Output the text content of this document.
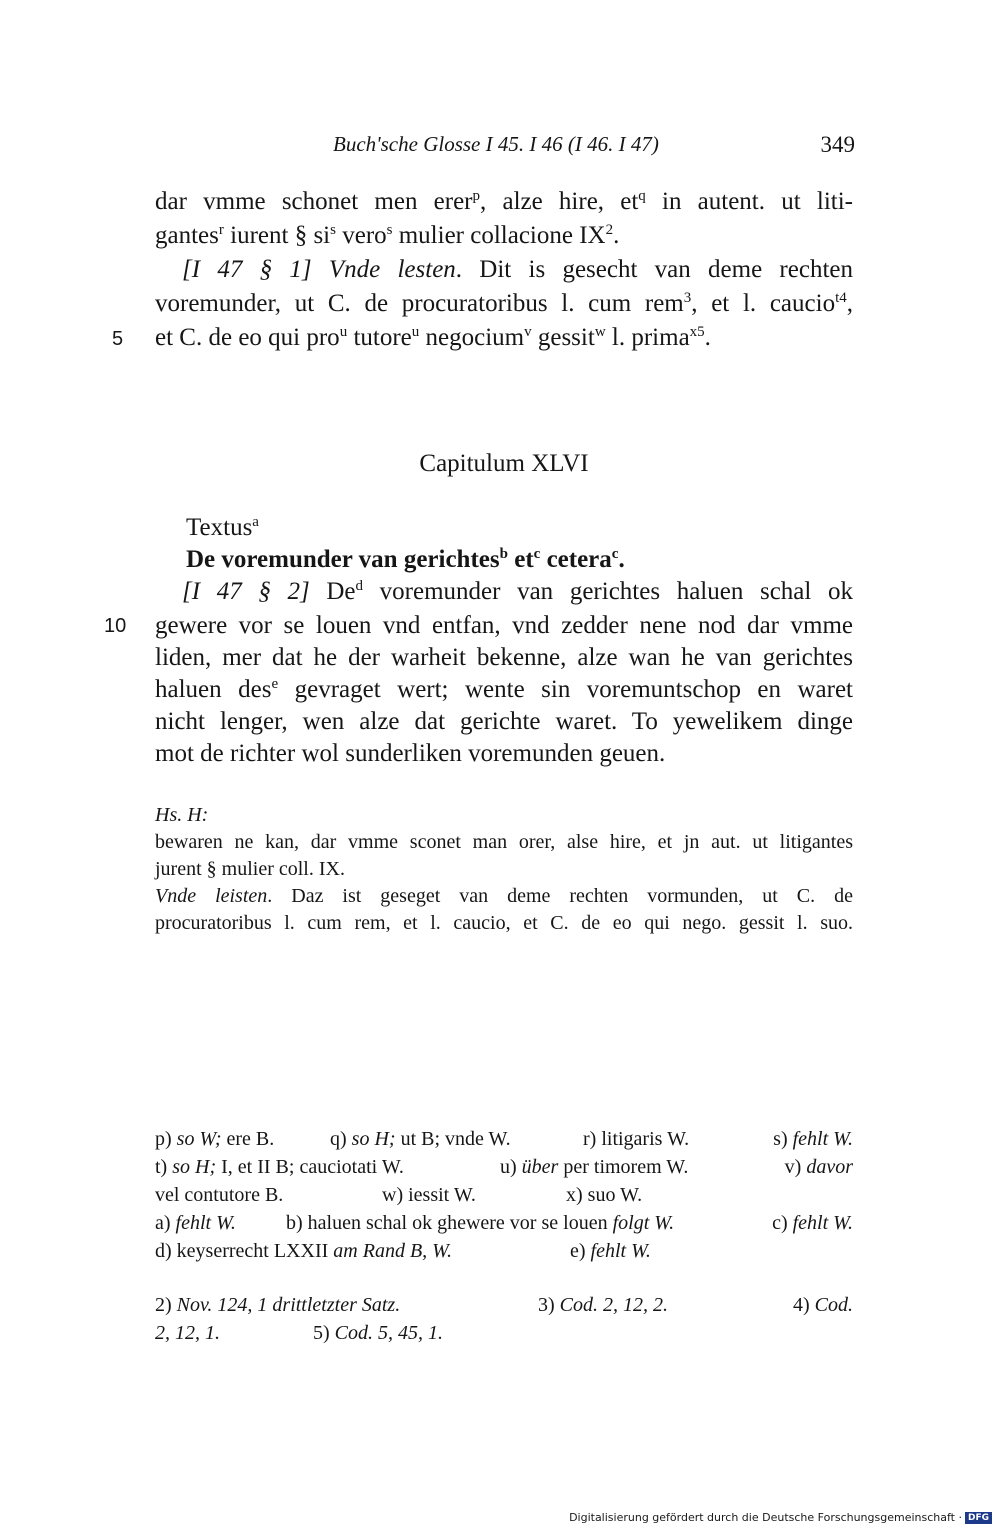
Buch'sche Glosse I 45. I 46 (I 46. I 47)	349
dar vmme schonet men erer$^p$, alze hire, $et^q$ in autent. ut liti-
gantes$^r$ iurent § $si^s$ vero$^s$ mulier collacione $IX^2$.
[I 47 § 1] Vnde lesten. Dit is gesecht van deme rechten
voremunder, ut C. de procuratoribus l. cum rem$^3$, et l. caucio$^{t4}$,
5 et C. de eo qui pro$^u$ tutore$^u$ negocium$^v$ gessit$^w$ l. prima$^{x5}$.
Capitulum XLVI
Textus$^a$
De voremunder van gerichtes$^b$ $et^c$ cetera$^c$.
[I 47 § 2] De$^d$ voremunder van gerichtes haluen schal ok
10 gewere vor se louen vnd entfan, vnd zedder nene nod dar vmme
liden, mer dat he der warheit bekenne, alze wan he van gerichtes
haluen des$^e$ gevraget wert; wente sin voremuntschop en waret
nicht lenger, wen alze dat gerichte waret. To yewelikem dinge
mot de richter wol sunderliken voremunden geuen.
Hs. H:
bewaren ne kan, dar vmme sconet man orer, alse hire, et jn aut. ut litigantes
jurent § mulier coll. IX.
Vnde leisten. Daz ist geseget van deme rechten vormunden, ut C. de
procuratoribus l. cum rem, et l. caucio, et C. de eo qui nego. gessit l. suo.
p) so W; ere B.	q) so H; ut B; vnde W.	r) litigaris W.	s) fehlt W.
t) so H; I, et II B; cauciotati W.	u) über per timorem W.	v) davor
vel contutore B.	w) iessit W.	x) suo W.
a) fehlt W.	b) haluen schal ok ghewere vor se louen folgt W.	c) fehlt W.
d) keyserrecht LXXII am Rand B, W.	e) fehlt W.
2) Nov. 124, 1 drittletzter Satz.	3) Cod. 2, 12, 2.	4) Cod.
2, 12, 1.	5) Cod. 5, 45, 1.
Digitalisierung gefördert durch die Deutsche Forschungsgemeinschaft · DFG
